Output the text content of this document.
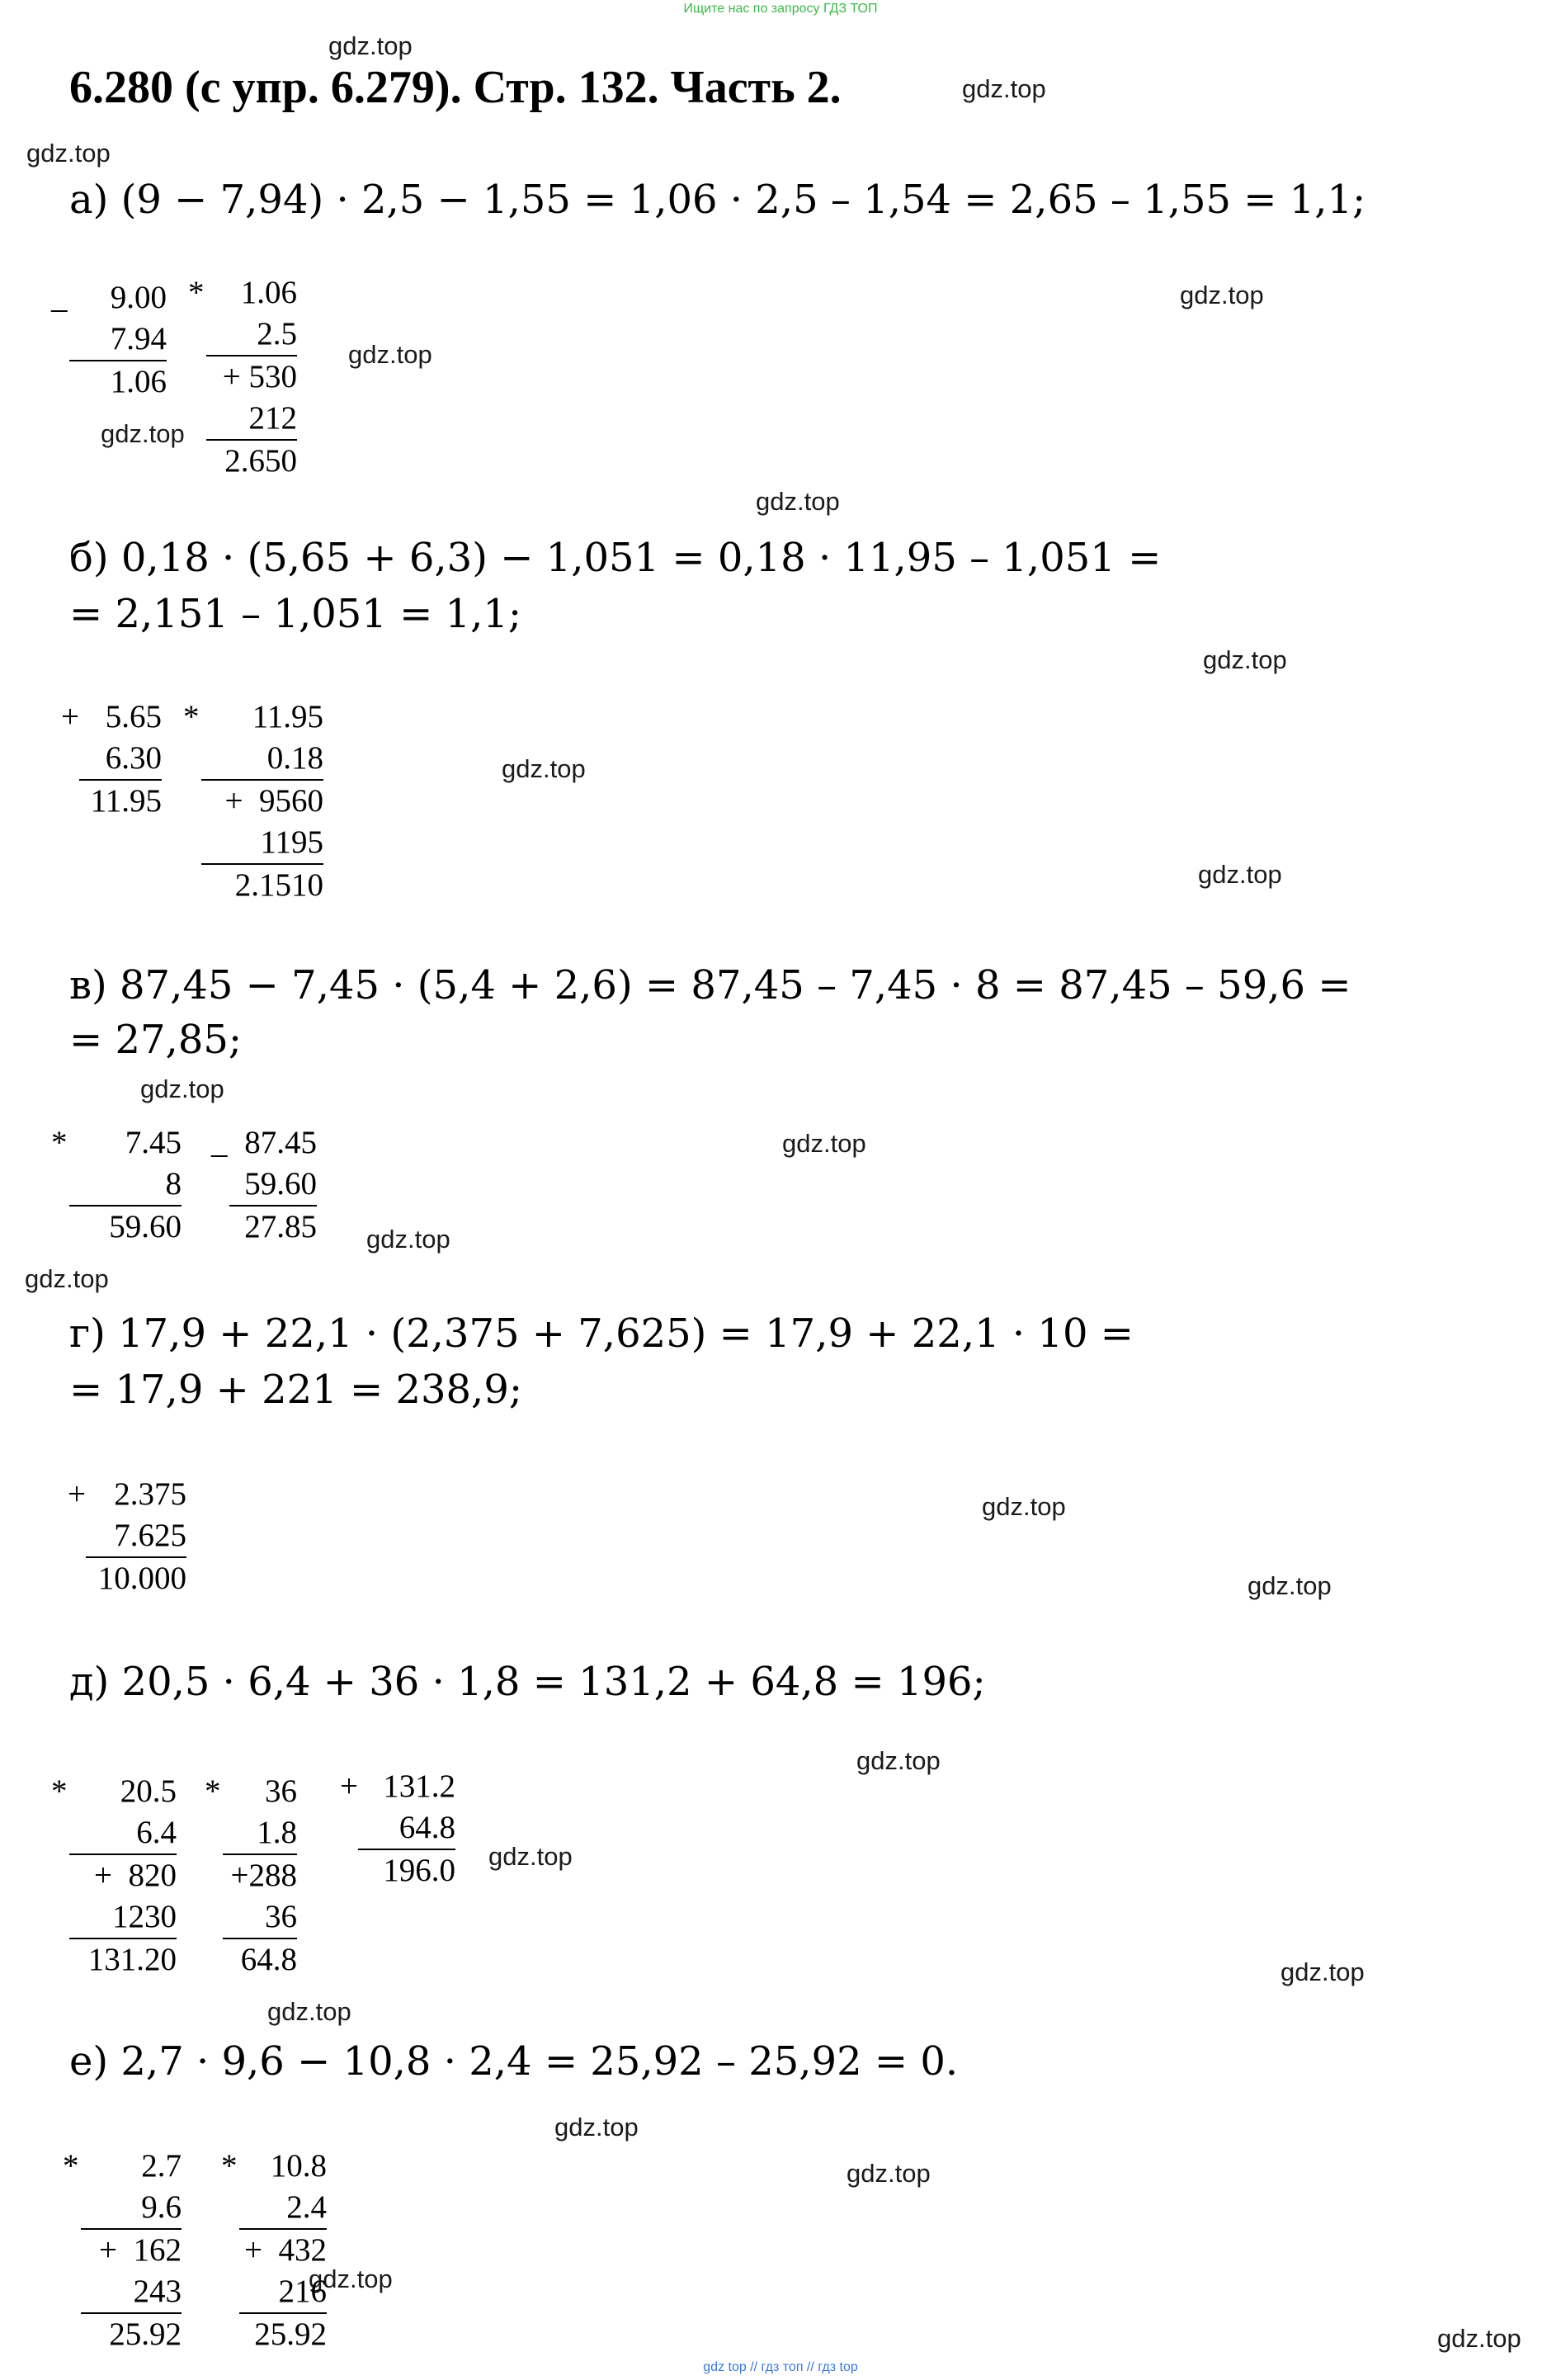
Ищите нас по запросу ГДЗ ТОП
6.280 (с упр. 6.279). Стр. 132. Часть 2.
gdz.top
gdz.top
gdz.top
gdz.top
gdz.top
gdz.top
gdz.top
gdz.top
gdz.top
gdz.top
gdz.top
gdz.top
gdz.top
gdz.top
gdz.top
gdz.top
gdz.top
gdz.top
gdz.top
gdz.top
gdz.top
gdz.top
gdz.top
gdz.top
а) (9 − 7,94) · 2,5 − 1,55 = 1,06 · 2,5 – 1,54 = 2,65 – 1,55 = 1,1;
б) 0,18 · (5,65 + 6,3) − 1,051 = 0,18 · 11,95 – 1,051 =
= 2,151 – 1,051 = 1,1;
в) 87,45 − 7,45 · (5,4 + 2,6) = 87,45 – 7,45 · 8 = 87,45 – 59,6 =
= 27,85;
г) 17,9 + 22,1 · (2,375 + 7,625) = 17,9 + 22,1 · 10 =
= 17,9 + 221 = 238,9;
д) 20,5 · 6,4 + 36 · 1,8 = 131,2 + 64,8 = 196;
е) 2,7 · 9,6 − 10,8 · 2,4 = 25,92 – 25,92 = 0.
_	9.00
7.94
1.06
*	1.06
2.5
+ 530
212
2.650
+ 5.65
6.30
11.95
*	11.95
0.18
+  9560
1195
2.1510
*	7.45
8
59.60
_ 87.45
59.60
27.85
+ 2.375
7.625
10.000
*	20.5
6.4
+  820
1230
131.20
*	36
1.8
+288
36
64.8
+ 131.2
64.8
196.0
*	2.7
9.6
+  162
243
25.92
*	10.8
2.4
+  432
216
25.92
gdz top // гдз топ // гдз top
